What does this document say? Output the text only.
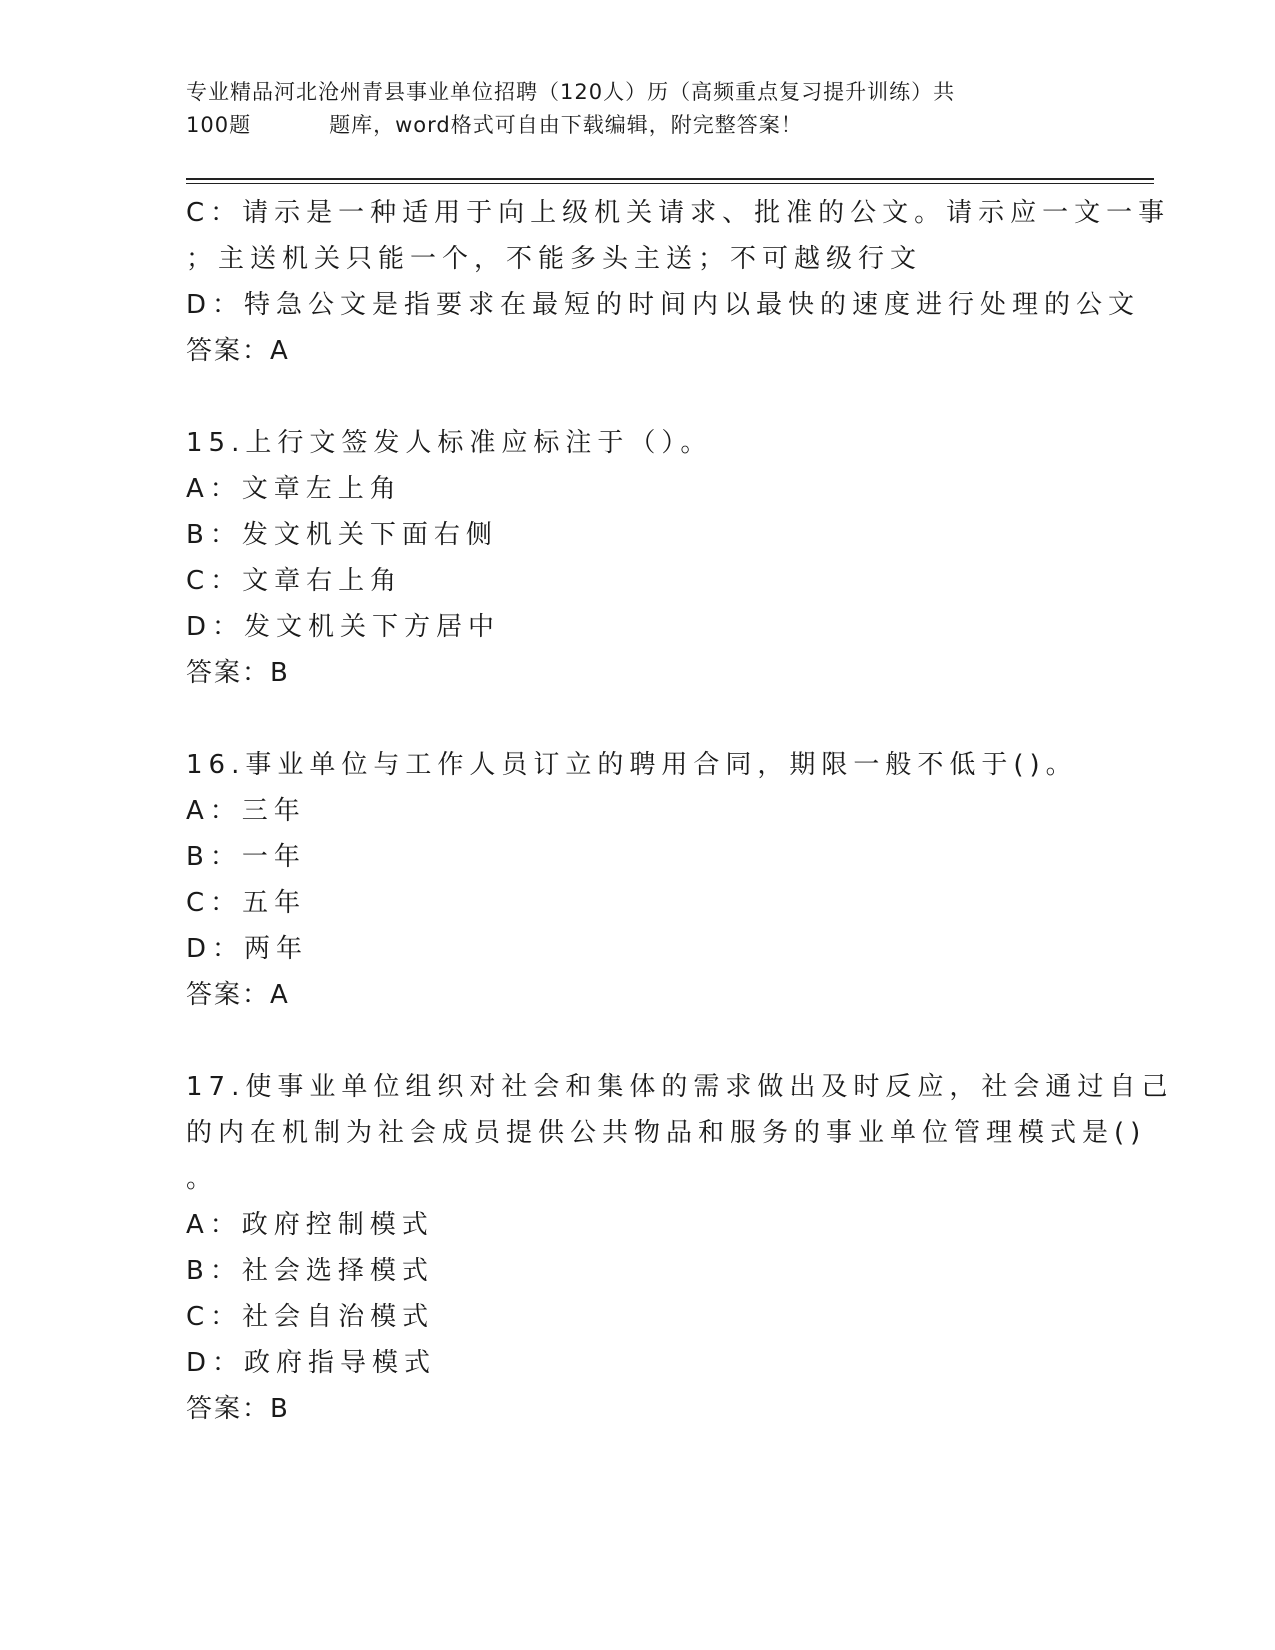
专业精品河北沧州青县事业单位招聘（120人）历（高频重点复习提升训练）共
100题	题库，word格式可自由下载编辑，附完整答案！
C：请示是一种适用于向上级机关请求、批准的公文。请示应一文一事
；主送机关只能一个，不能多头主送；不可越级行文
D：特急公文是指要求在最短的时间内以最快的速度进行处理的公文
答案：A
15.上行文签发人标准应标注于（）。
A：文章左上角
B：发文机关下面右侧
C：文章右上角
D：发文机关下方居中
答案：B
16.事业单位与工作人员订立的聘用合同，期限一般不低于()。
A：三年
B：一年
C：五年
D：两年
答案：A
17.使事业单位组织对社会和集体的需求做出及时反应，社会通过自己
的内在机制为社会成员提供公共物品和服务的事业单位管理模式是()
。
A：政府控制模式
B：社会选择模式
C：社会自治模式
D：政府指导模式
答案：B
